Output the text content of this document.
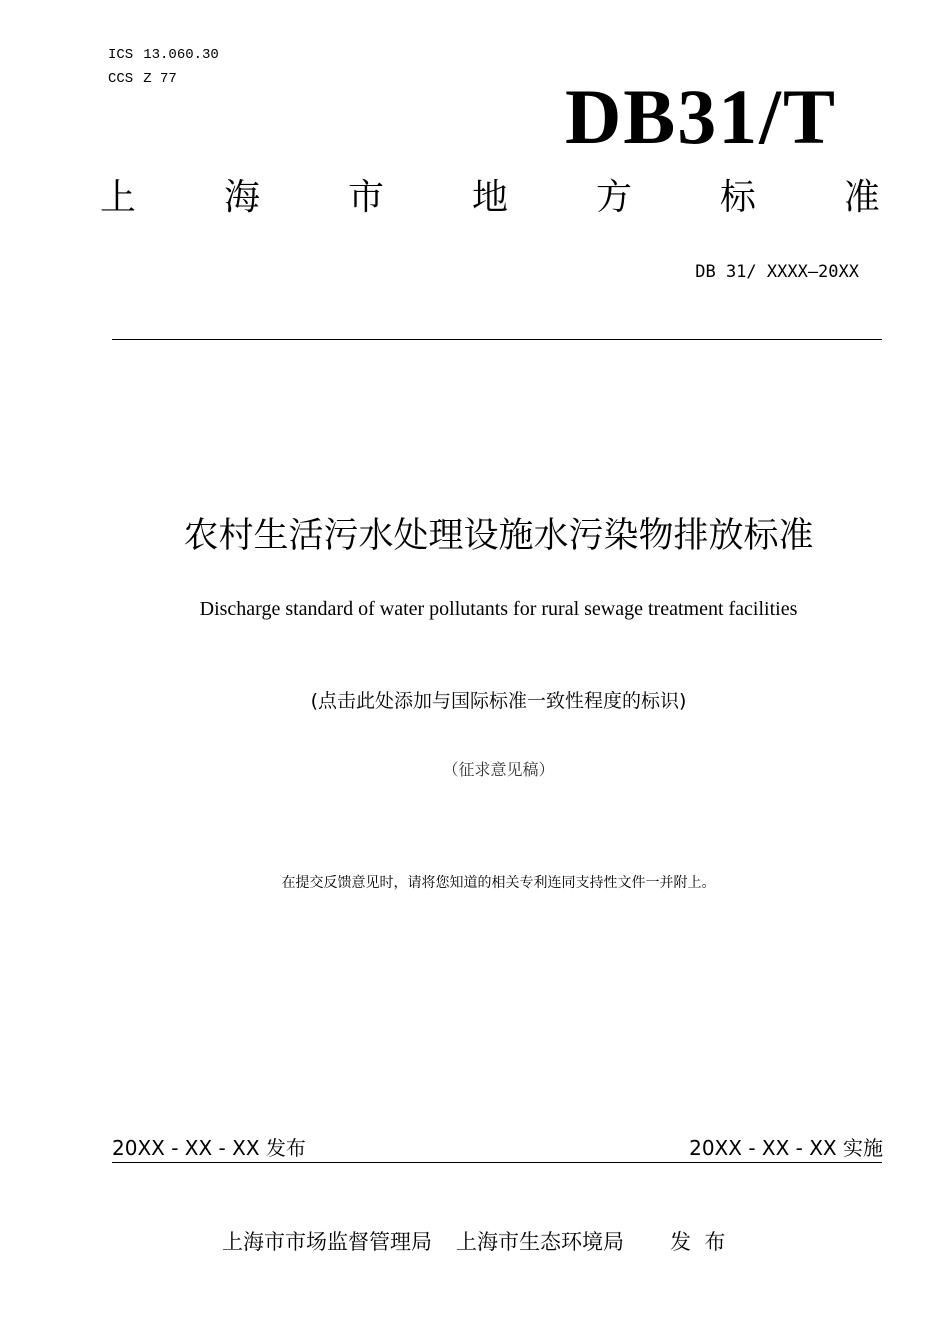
ICS 13.060.30
CCS Z 77	DB31/T
上 海 市 地 方 标 准
DB 31/ XXXX—20XX
农村生活污水处理设施水污染物排放标准
Discharge standard of water pollutants for rural sewage treatment facilities
(点击此处添加与国际标准一致性程度的标识)
（征求意见稿）
在提交反馈意见时，请将您知道的相关专利连同支持性文件一并附上。
20XX - XX - XX 发布	20XX - XX - XX 实施
上海市市场监督管理局 上海市生态环境局 发  布
